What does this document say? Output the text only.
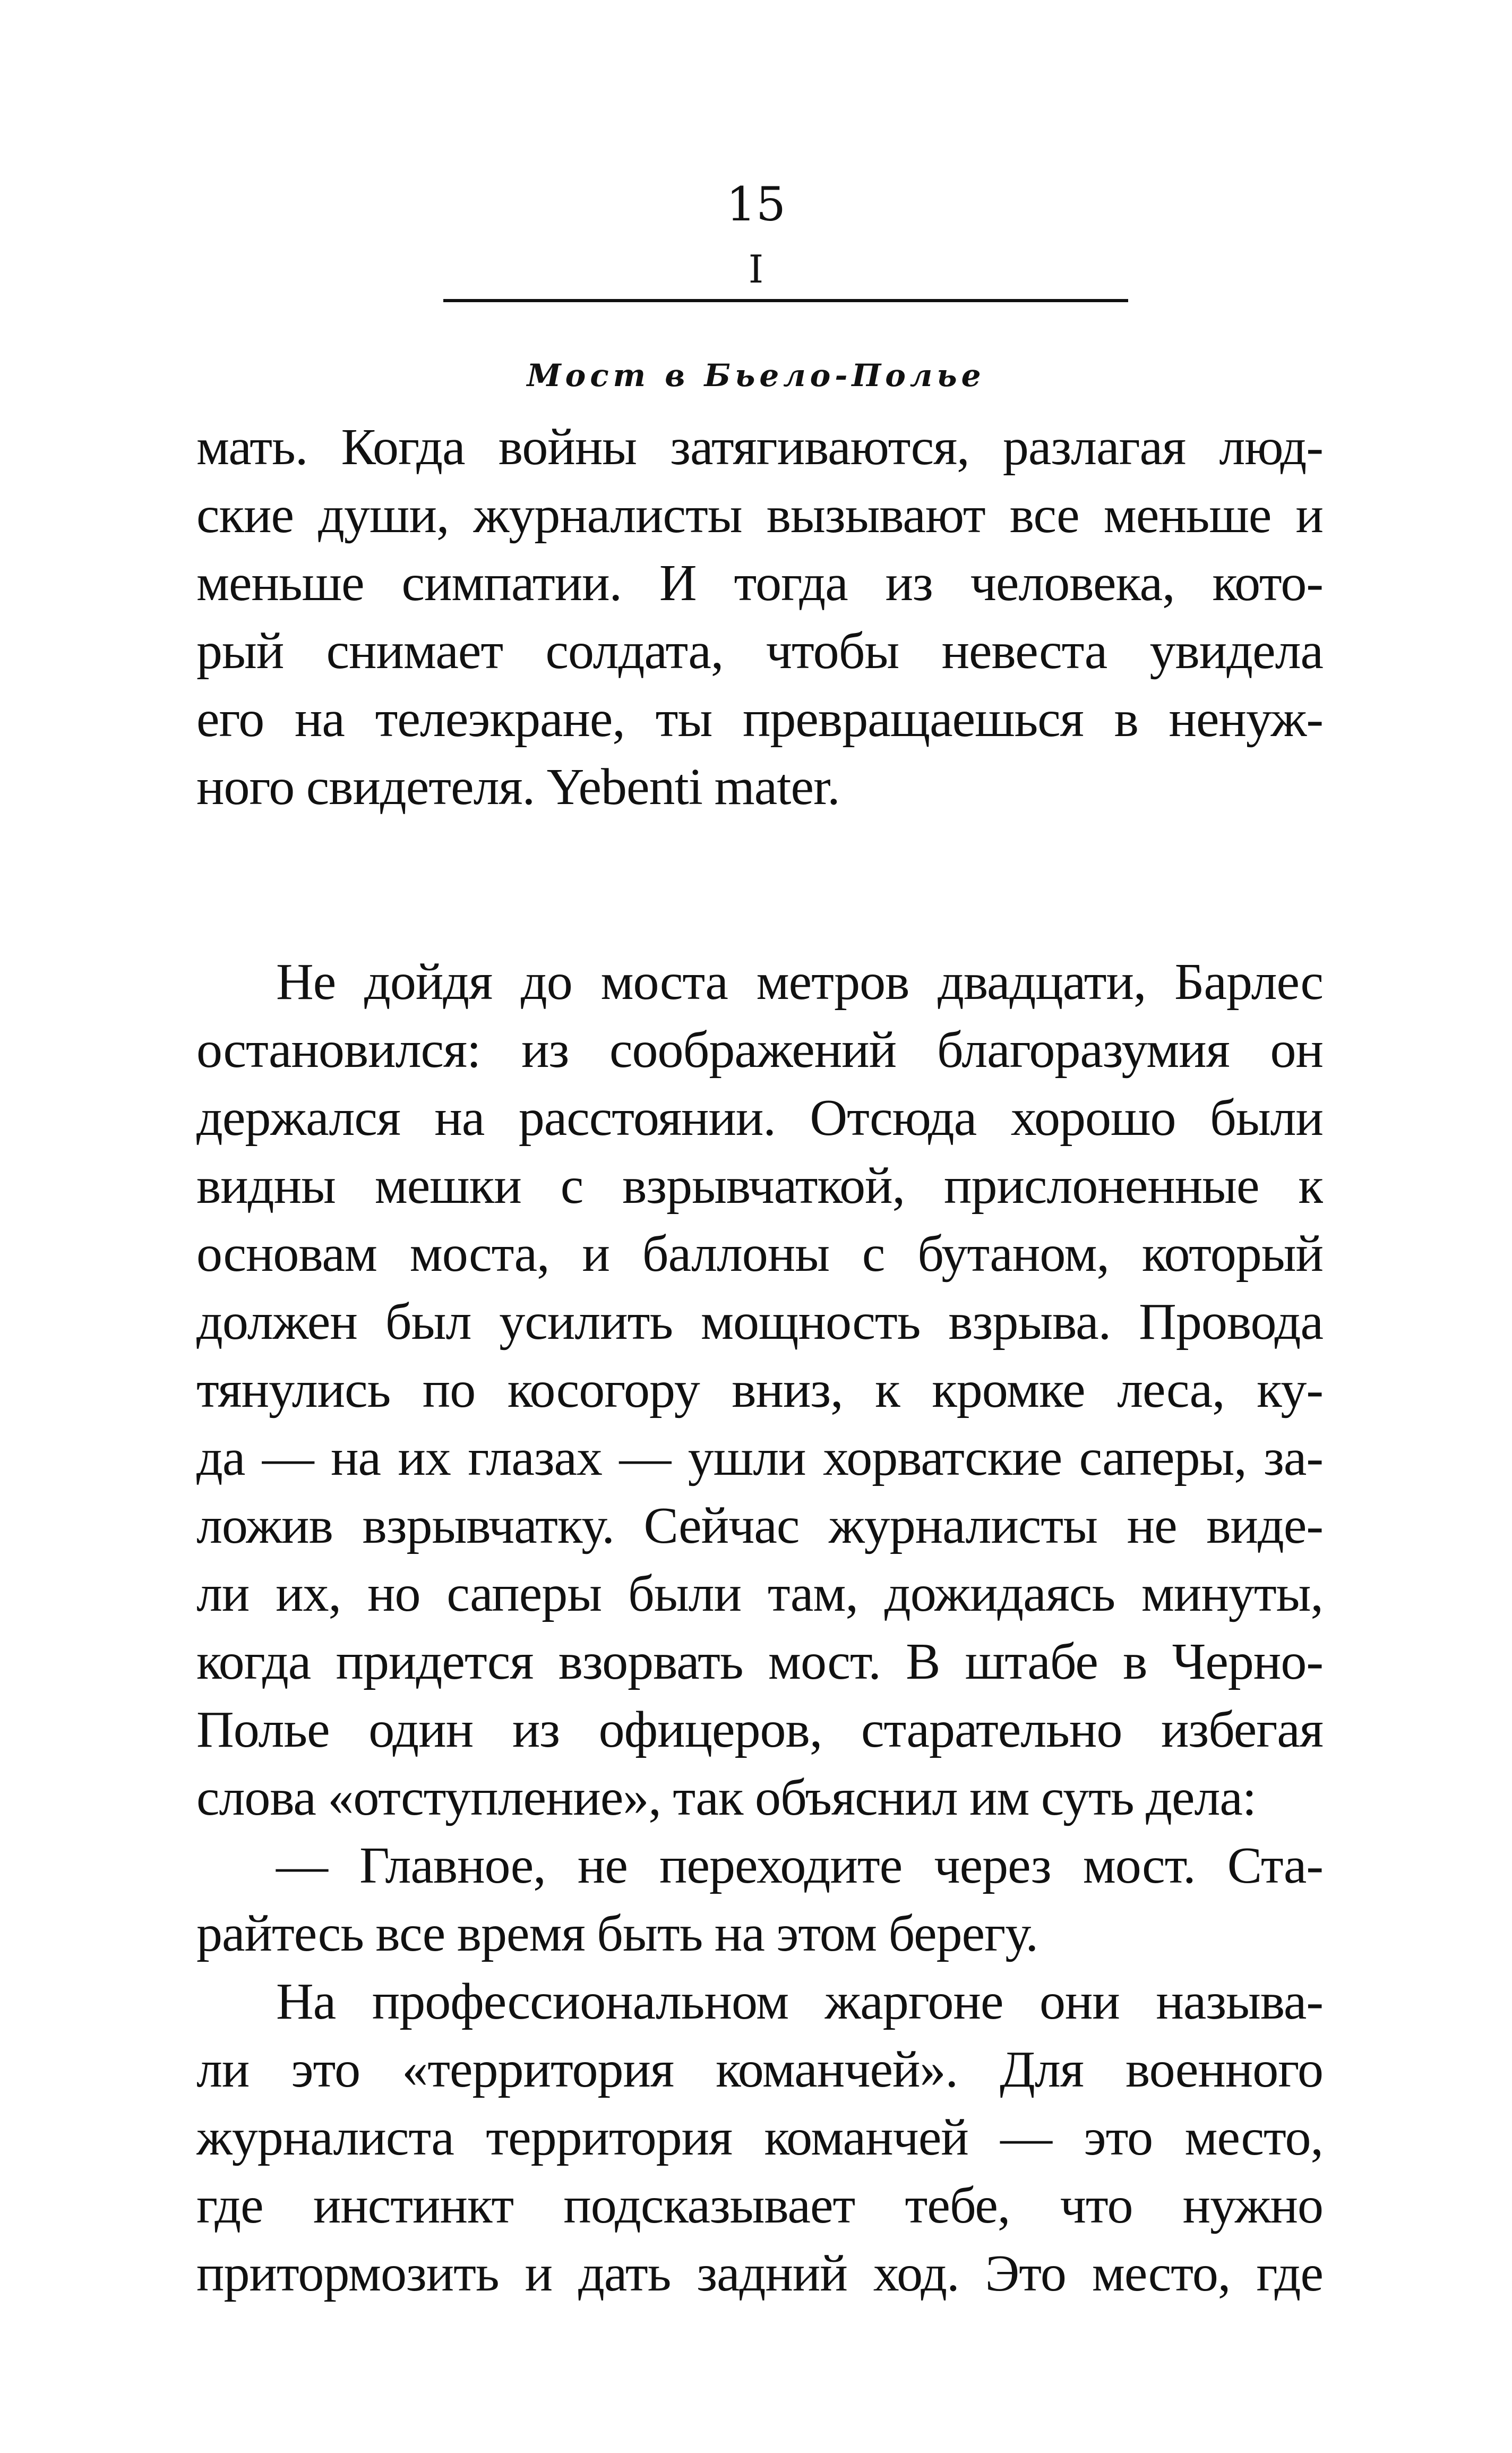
15
I
Мост в Бьело-Полье
мать. Когда войны затягиваются, разлагая люд-
ские души, журналисты вызывают все меньше и
меньше симпатии. И тогда из человека, кото-
рый снимает солдата, чтобы невеста увидела
его на телеэкране, ты превращаешься в ненуж-
ного свидетеля. Yebenti mater.
Не дойдя до моста метров двадцати, Барлес
остановился: из соображений благоразумия он
держался на расстоянии. Отсюда хорошо были
видны мешки с взрывчаткой, прислоненные к
основам моста, и баллоны с бутаном, который
должен был усилить мощность взрыва. Провода
тянулись по косогору вниз, к кромке леса, ку-
да — на их глазах — ушли хорватские саперы, за-
ложив взрывчатку. Сейчас журналисты не виде-
ли их, но саперы были там, дожидаясь минуты,
когда придется взорвать мост. В штабе в Черно-
Полье один из офицеров, старательно избегая
слова «отступление», так объяснил им суть дела:
— Главное, не переходите через мост. Ста-
райтесь все время быть на этом берегу.
На профессиональном жаргоне они называ-
ли это «территория команчей». Для военного
журналиста территория команчей — это место,
где инстинкт подсказывает тебе, что нужно
притормозить и дать задний ход. Это место, где
